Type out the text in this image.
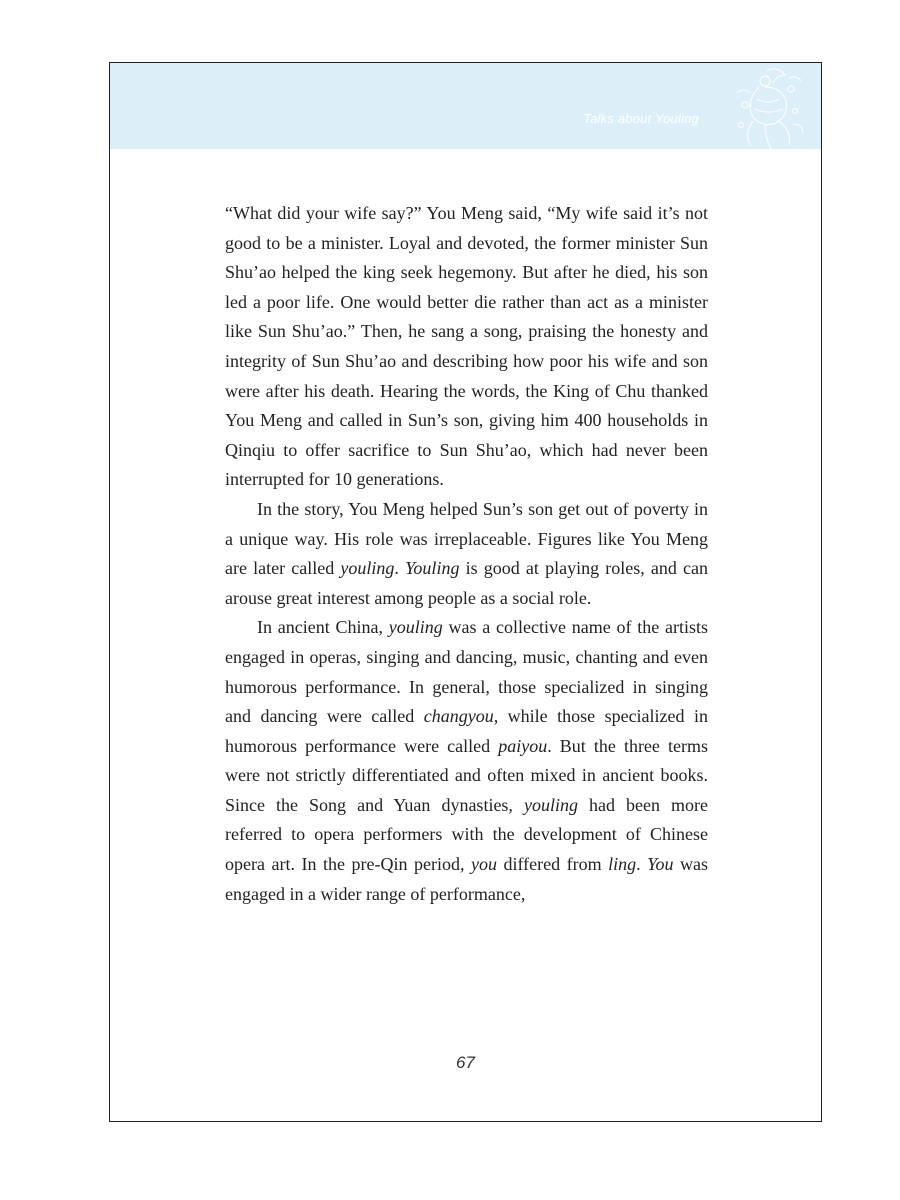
Talks about Youling

“What did your wife say?” You Meng said, “My wife said it’s not good to be a minister. Loyal and devoted, the former minister Sun Shu’ao helped the king seek hegemony. But after he died, his son led a poor life. One would better die rather than act as a minister like Sun Shu’ao.” Then, he sang a song, praising the honesty and integrity of Sun Shu’ao and describing how poor his wife and son were after his death. Hearing the words, the King of Chu thanked You Meng and called in Sun’s son, giving him 400 households in Qinqiu to offer sacrifice to Sun Shu’ao, which had never been interrupted for 10 generations.

In the story, You Meng helped Sun’s son get out of poverty in a unique way. His role was irreplaceable. Figures like You Meng are later called youling. Youling is good at playing roles, and can arouse great interest among people as a social role.

In ancient China, youling was a collective name of the artists engaged in operas, singing and dancing, music, chanting and even humorous performance. In general, those specialized in singing and dancing were called changyou, while those specialized in humorous performance were called paiyou. But the three terms were not strictly differentiated and often mixed in ancient books. Since the Song and Yuan dynasties, youling had been more referred to opera performers with the development of Chinese opera art. In the pre-Qin period, you differed from ling. You was engaged in a wider range of performance,

67
